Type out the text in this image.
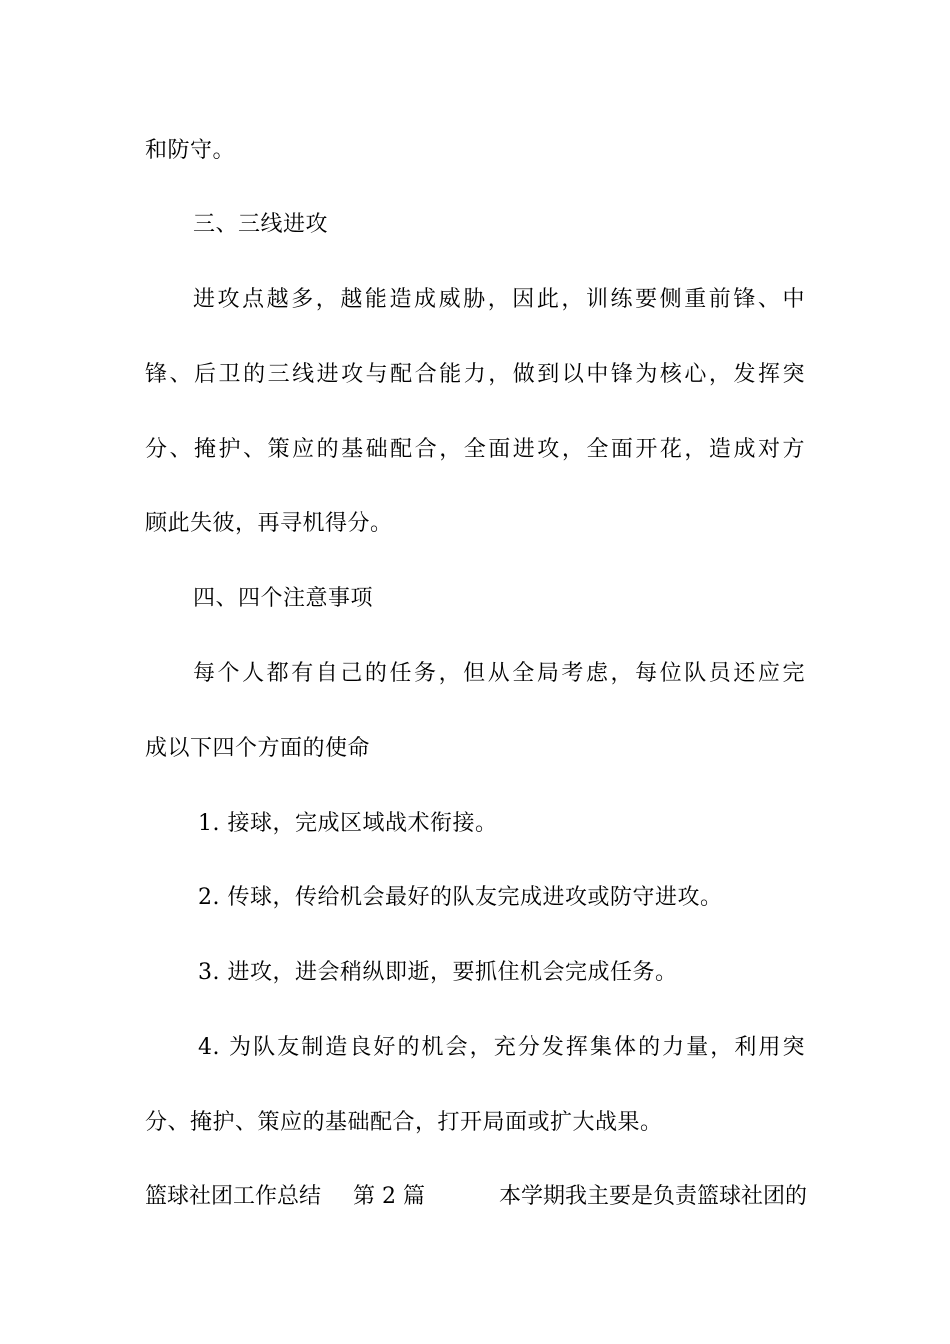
和防守。
三、三线进攻
进攻点越多，越能造成威胁，因此，训练要侧重前锋、中
锋、后卫的三线进攻与配合能力，做到以中锋为核心，发挥突
分、掩护、策应的基础配合，全面进攻，全面开花，造成对方
顾此失彼，再寻机得分。
四、四个注意事项
每个人都有自己的任务，但从全局考虑，每位队员还应完
成以下四个方面的使命
1. 接球，完成区域战术衔接。
2. 传球，传给机会最好的队友完成进攻或防守进攻。
3. 进攻，进会稍纵即逝，要抓住机会完成任务。
4. 为队友制造良好的机会，充分发挥集体的力量，利用突
分、掩护、策应的基础配合，打开局面或扩大战果。
篮球社团工作总结 第 2 篇	本学期我主要是负责篮球社团的
